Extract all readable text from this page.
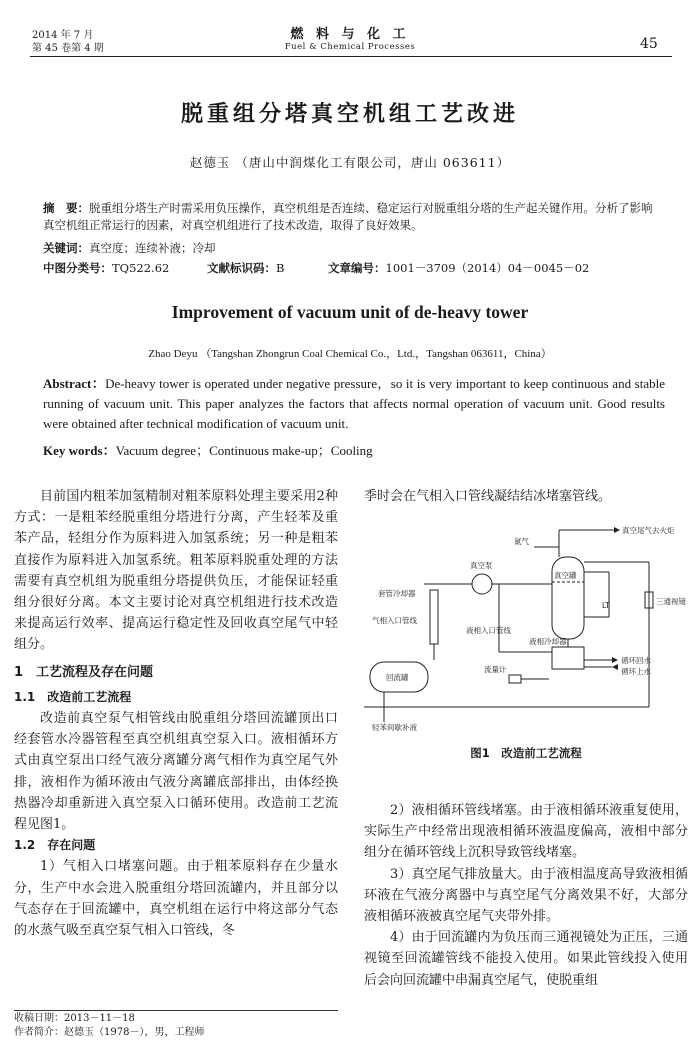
2014 年 7 月
第 45 卷第 4 期
燃 料 与 化 工
Fuel & Chemical Processes	45
脱重组分塔真空机组工艺改进
赵德玉 （唐山中润煤化工有限公司，唐山 063611）
摘　要：脱重组分塔生产时需采用负压操作，真空机组是否连续、稳定运行对脱重组分塔的生产起关键作用。分析了影响真空机组正常运行的因素，对真空机组进行了技术改造，取得了良好效果。
关键词：真空度；连续补液；冷却
中图分类号：TQ522.62	文献标识码：B	文章编号：1001－3709（2014）04－0045－02
Improvement of vacuum unit of de-heavy tower
Zhao Deyu （Tangshan Zhongrun Coal Chemical Co.，Ltd.，Tangshan 063611，China）
Abstract：De-heavy tower is operated under negative pressure，so it is very important to keep continuous and stable running of vacuum unit. This paper analyzes the factors that affects normal operation of vacuum unit. Good results were obtained after technical modification of vacuum unit.
Key words：Vacuum degree；Continuous make-up；Cooling

目前国内粗苯加氢精制对粗苯原料处理主要采用2种方式：一是粗苯经脱重组分塔进行分离，产生轻苯及重苯产品，轻组分作为原料进入加氢系统；另一种是粗苯直接作为原料进入加氢系统。粗苯原料脱重处理的方法需要有真空机组为脱重组分塔提供负压，才能保证轻重组分很好分离。本文主要讨论对真空机组进行技术改造来提高运行效率、提高运行稳定性及回收真空尾气中轻组分。

1　工艺流程及存在问题

1.1　改造前工艺流程

改造前真空泵气相管线由脱重组分塔回流罐顶出口经套管水冷器管程至真空机组真空泵入口。液相循环方式由真空泵出口经气液分离罐分离气相作为真空尾气外排，液相作为循环液由气液分离罐底部排出，由体经换热器冷却重新进入真空泵入口循环使用。改造前工艺流程见图1。

1.2　存在问题

1）气相入口堵塞问题。由于粗苯原料存在少量水分，生产中水会进入脱重组分塔回流罐内，并且部分以气态存在于回流罐中，真空机组在运行中将这部分气态的水蒸气吸至真空泵气相入口管线，冬

季时会在气相入口管线凝结结冰堵塞管线。

真空尾气去火炬
氮气
真空泵
真空罐
套管冷却器
LT	三通视镜
气相入口管线
液相入口管线
液相冷却器
流量计
循环回水
循环上水
回流罐
轻苯间歇补液
图1　改造前工艺流程

2）液相循环管线堵塞。由于液相循环液重复使用，实际生产中经常出现液相循环液温度偏高，液相中部分组分在循环管线上沉积导致管线堵塞。

3）真空尾气排放量大。由于液相温度高导致液相循环液在气液分离器中与真空尾气分离效果不好，大部分液相循环液被真空尾气夹带外排。

4）由于回流罐内为负压而三通视镜处为正压，三通视镜至回流罐管线不能投入使用。如果此管线投入使用后会向回流罐中串漏真空尾气，使脱重组

收稿日期：2013－11－18
作者简介：赵德玉（1978－），男，工程师
